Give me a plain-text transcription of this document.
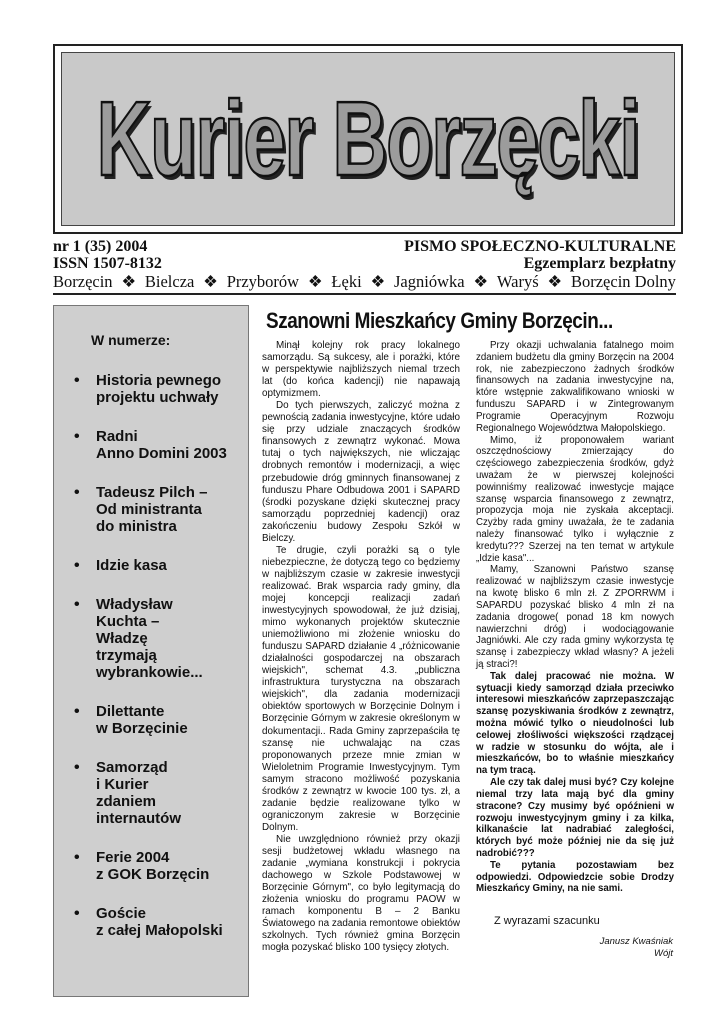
Kurier Borzęcki
nr 1 (35) 2004	PISMO SPOŁECZNO-KULTURALNE
ISSN 1507-8132	Egzemplarz bezpłatny
Borzęcin ❖ Bielcza ❖ Przyborów ❖ Łęki ❖ Jagniówka ❖ Waryś ❖ Borzęcin Dolny
W numerze:
• Historia pewnego
projektu uchwały
• Radni
Anno Domini 2003
• Tadeusz Pilch –
Od ministranta
do ministra
• Idzie kasa
• Władysław
Kuchta –
Władzę
trzymają
wybrankowie...
• Dilettante
w Borzęcinie
• Samorząd
i Kurier
zdaniem
internautów
• Ferie 2004
z GOK Borzęcin
• Goście
z całej Małopolski
Szanowni Mieszkańcy Gminy Borzęcin...

Minął kolejny rok pracy lokalnego samorządu. Są sukcesy, ale i porażki, które w perspektywie najbliższych niemal trzech lat (do końca kadencji) nie napawają optymizmem.

Do tych pierwszych, zaliczyć można z pewnością zadania inwestycyjne, które udało się przy udziale znaczących środków finansowych z zewnątrz wykonać. Mowa tutaj o tych największych, nie wliczając drobnych remontów i modernizacji, a więc przebudowie dróg gminnych finansowanej z funduszu Phare Odbudowa 2001 i SAPARD (środki pozyskane dzięki skutecznej pracy samorządu poprzedniej kadencji) oraz zakończeniu budowy Zespołu Szkół w Bielczy.

Te drugie, czyli porażki są o tyle niebezpieczne, że dotyczą tego co będziemy w najbliższym czasie w zakresie inwestycji realizować. Brak wsparcia rady gminy, dla mojej koncepcji realizacji zadań inwestycyjnych spowodował, że już dzisiaj, mimo wykonanych projektów skutecznie uniemożliwiono mi złożenie wniosku do funduszu SAPARD działanie 4 „różnicowanie działalności gospodarczej na obszarach wiejskich", schemat 4.3. „publiczna infrastruktura turystyczna na obszarach wiejskich", dla zadania modernizacji obiektów sportowych w Borzęcinie Dolnym i Borzęcinie Górnym w zakresie określonym w dokumentacji.. Rada Gminy zaprzepaściła tę szansę nie uchwalając na czas proponowanych przeze mnie zmian w Wieloletnim Programie Inwestycyjnym. Tym samym stracono możliwość pozyskania środków z zewnątrz w kwocie 100 tys. zł, a zadanie będzie realizowane tylko w ograniczonym zakresie w Borzęcinie Dolnym.

Nie uwzględniono również przy okazji sesji budżetowej wkładu własnego na zadanie „wymiana konstrukcji i pokrycia dachowego w Szkole Podstawowej w Borzęcinie Górnym", co było legitymacją do złożenia wniosku do programu PAOW w ramach komponentu B – 2 Banku Światowego na zadania remontowe obiektów szkolnych. Tych również gmina Borzęcin mogła pozyskać blisko 100 tysięcy złotych.

Przy okazji uchwalania fatalnego moim zdaniem budżetu dla gminy Borzęcin na 2004 rok, nie zabezpieczono żadnych środków finansowych na zadania inwestycyjne na, które wstępnie zakwalifikowano wnioski w funduszu SAPARD i w Zintegrowanym Programie Operacyjnym Rozwoju Regionalnego Województwa Małopolskiego.

Mimo, iż proponowałem wariant oszczędnościowy zmierzający do częściowego zabezpieczenia środków, gdyż uważam że w pierwszej kolejności powinniśmy realizować inwestycje mające szansę wsparcia finansowego z zewnątrz, propozycja moja nie zyskała akceptacji. Czyżby rada gminy uważała, że te zadania należy finansować tylko i wyłącznie z kredytu??? Szerzej na ten temat w artykule „Idzie kasa"...

Mamy, Szanowni Państwo szansę realizować w najbliższym czasie inwestycje na kwotę blisko 6 mln zł. Z ZPORRWM i SAPARDU pozyskać blisko 4 mln zł na zadania drogowe( ponad 18 km nowych nawierzchni dróg) i wodociągowanie Jagniówki. Ale czy rada gminy wykorzysta tę szansę i zabezpieczy wkład własny? A jeżeli ją straci?!

Tak dalej pracować nie można. W sytuacji kiedy samorząd działa przeciwko interesowi mieszkańców zaprzepaszczając szansę pozyskiwania środków z zewnątrz, można mówić tylko o nieudolności lub celowej złośliwości większości rządzącej w radzie w stosunku do wójta, ale i mieszkańców, bo to właśnie mieszkańcy na tym tracą.

Ale czy tak dalej musi być? Czy kolejne niemal trzy lata mają być dla gminy stracone? Czy musimy być opóźnieni w rozwoju inwestycyjnym gminy i za kilka, kilkanaście lat nadrabiać zaległości, których być może później nie da się już nadrobić???

Te pytania pozostawiam bez odpowiedzi. Odpowiedzcie sobie Drodzy Mieszkańcy Gminy, na nie sami.

Z wyrazami szacunku
Janusz Kwaśniak
Wójt
